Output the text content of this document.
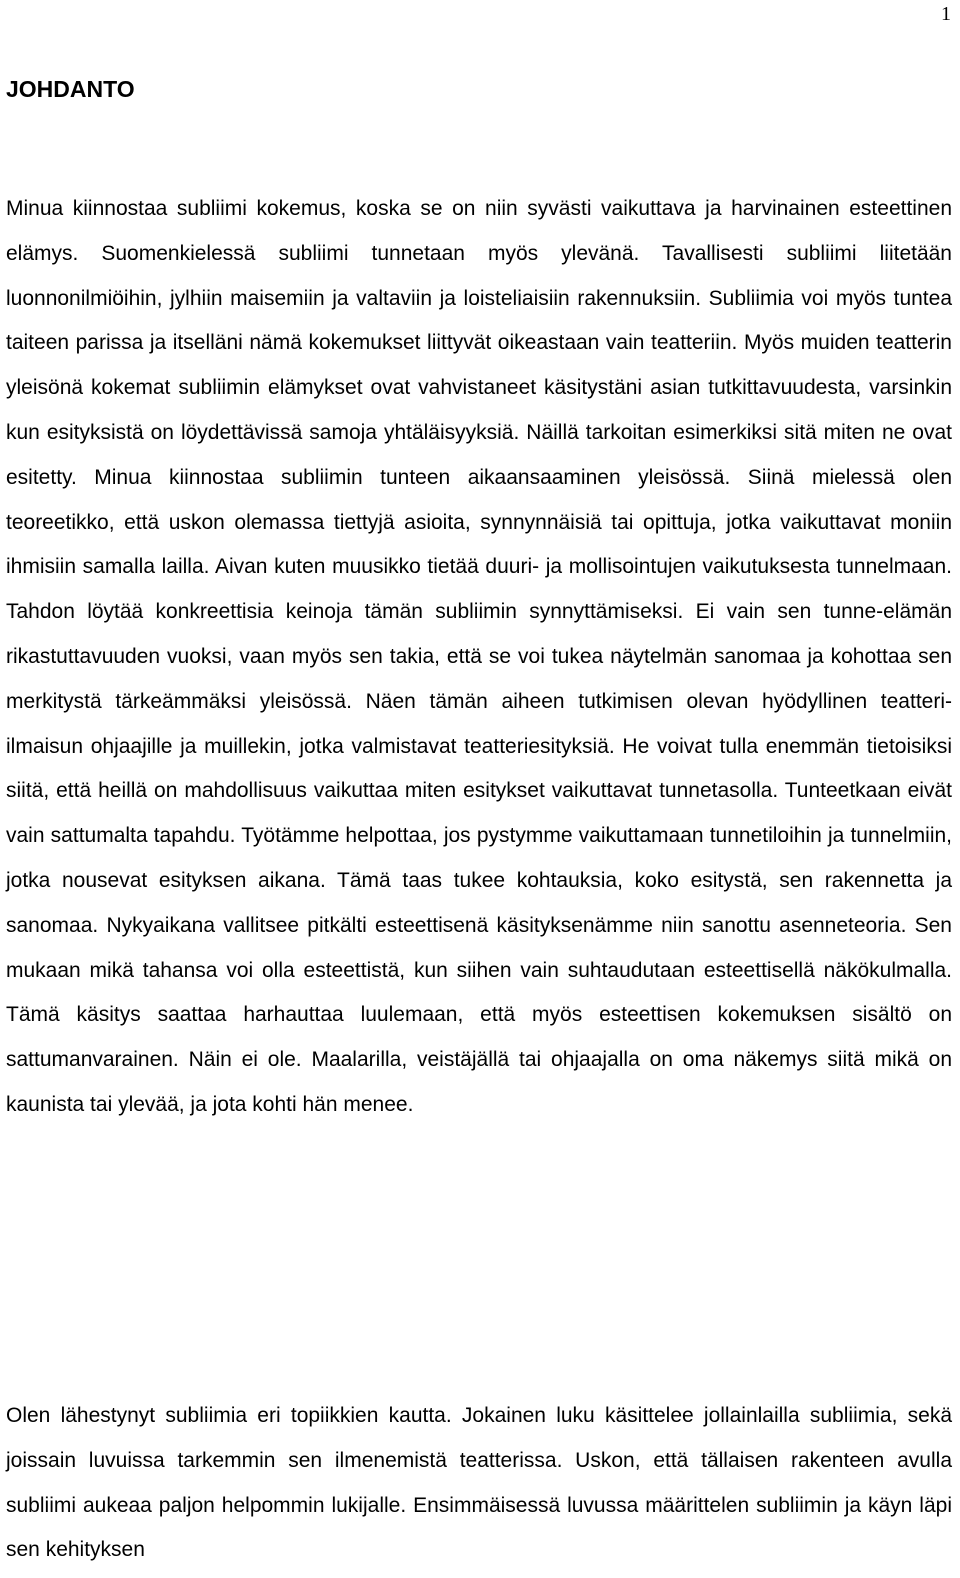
1
JOHDANTO

Minua kiinnostaa subliimi kokemus, koska se on niin syvästi vaikuttava ja harvinainen esteettinen elämys. Suomenkielessä subliimi tunnetaan myös ylevänä. Tavallisesti subliimi liitetään luonnonilmiöihin, jylhiin maisemiin ja valtaviin ja loisteliaisiin rakennuksiin. Subliimia voi myös tuntea taiteen parissa ja itselläni nämä kokemukset liittyvät oikeastaan vain teatteriin. Myös muiden teatterin yleisönä kokemat subliimin elämykset ovat vahvistaneet käsitystäni asian tutkittavuudesta, varsinkin kun esityksistä on löydettävissä samoja yhtäläisyyksiä. Näillä tarkoitan esimerkiksi sitä miten ne ovat esitetty. Minua kiinnostaa subliimin tunteen aikaansaaminen yleisössä. Siinä mielessä olen teoreetikko, että uskon olemassa tiettyjä asioita, synnynnäisiä tai opittuja, jotka vaikuttavat moniin ihmisiin samalla lailla. Aivan kuten muusikko tietää duuri- ja mollisointujen vaikutuksesta tunnelmaan. Tahdon löytää konkreettisia keinoja tämän subliimin synnyttämiseksi. Ei vain sen tunne-elämän rikastuttavuuden vuoksi, vaan myös sen takia, että se voi tukea näytelmän sanomaa ja kohottaa sen merkitystä tärkeämmäksi yleisössä. Näen tämän aiheen tutkimisen olevan hyödyllinen teatteri-ilmaisun ohjaajille ja muillekin, jotka valmistavat teatteriesityksiä. He voivat tulla enemmän tietoisiksi siitä, että heillä on mahdollisuus vaikuttaa miten esitykset vaikuttavat tunnetasolla. Tunteetkaan eivät vain sattumalta tapahdu. Työtämme helpottaa, jos pystymme vaikuttamaan tunnetiloihin ja tunnelmiin, jotka nousevat esityksen aikana. Tämä taas tukee kohtauksia, koko esitystä, sen rakennetta ja sanomaa. Nykyaikana vallitsee pitkälti esteettisenä käsityksenämme niin sanottu asenneteoria. Sen mukaan mikä tahansa voi olla esteettistä, kun siihen vain suhtaudutaan esteettisellä näkökulmalla. Tämä käsitys saattaa harhauttaa luulemaan, että myös esteettisen kokemuksen sisältö on sattumanvarainen. Näin ei ole. Maalarilla, veistäjällä tai ohjaajalla on oma näkemys siitä mikä on kaunista tai ylevää, ja jota kohti hän menee.

Olen lähestynyt subliimia eri topiikkien kautta. Jokainen luku käsittelee jollainlailla subliimia, sekä joissain luvuissa tarkemmin sen ilmenemistä teatterissa. Uskon, että tällaisen rakenteen avulla subliimi aukeaa paljon helpommin lukijalle. Ensimmäisessä luvussa määrittelen subliimin ja käyn läpi sen kehityksen
